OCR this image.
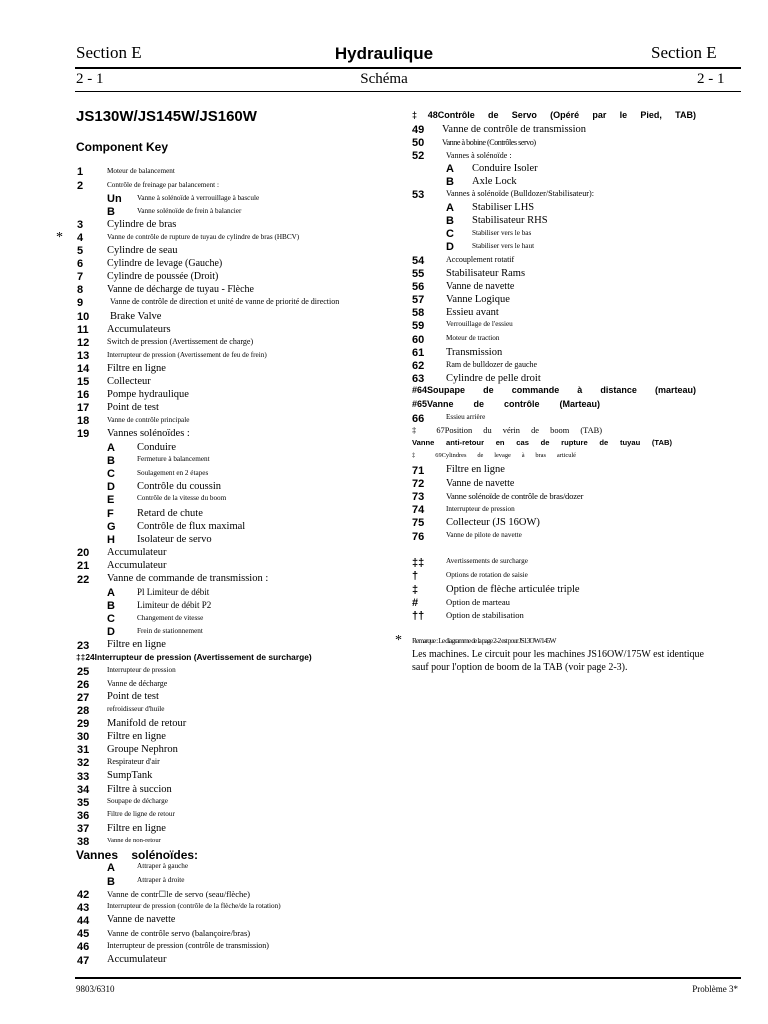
Section E	Hydraulique	Section E
2 - 1	Schéma	2 - 1
JS130W/JS145W/JS160W
Component Key
1	Moteur de balancement
2	Contrôle de freinage par balancement :
Un Vanne à solénoïde à verrouillage à bascule
B	Vanne solénoïde de frein à balancier
3 Cylindre de bras
* 4	Vanne de contrôle de rupture de tuyau de cylindre de bras (HBCV)
5 Cylindre de seau
6 Cylindre de levage (Gauche)
7 Cylindre de poussée (Droit)
8 Vanne de décharge de tuyau - Flèche
9	Vanne de contrôle de direction et unité de vanne de priorité de direction
10 Brake Valve
11 Accumulateurs
12 Switch de pression (Avertissement de charge)
13 Interrupteur de pression (Avertissement de feu de frein)
14 Filtre en ligne
15 Collecteur
16 Pompe hydraulique
17 Point de test
18 Vanne de contrôle principale
19 Vannes solénoïdes :
A Conduire
B	Fermeture à balancement
C	Soulagement en 2 étapes
D Contrôle du coussin
E	Contrôle de la vitesse du boom
F Retard de chute
G Contrôle de flux maximal
H Isolateur de servo
20 Accumulateur
21 Accumulateur
22 Vanne de commande de transmission :
A Pl Limiteur de débit
B Limiteur de débit P2
C	Changement de vitesse
D	Frein de stationnement
23 Filtre en ligne
‡‡24Interrupteur de pression (Avertissement de surcharge)
25 Interrupteur de pression
26 Vanne de décharge
27 Point de test
28 refroidisseur d'huile
29 Manifold de retour
30 Filtre en ligne
31 Groupe Nephron
32 Respirateur d'air
33 SumpTank
34 Filtre à succion
35 Soupape de décharge
36 Filtre de ligne de retour
37 Filtre en ligne
38	Vanne de non-retour
Vannes solénoïdes:
A	Attraper à gauche
B	Attraper à droite
42 Vanne de contr☐le de servo (seau/flèche)
43 Interrupteur de pression (contrôle de la flèche/de la rotation)
44 Vanne de navette
45 Vanne de contrôle servo (balançoire/bras)
46 Interrupteur de pression (contrôle de transmission)
47 Accumulateur
‡48Contrôle de Servo (Opéré par le Pied, TAB)
49 Vanne de contrôle de transmission
50 Vanne à bobine (Contrôles servo)
52	Vannes à solénoïde :
A Conduire Isoler
B Axle Lock
53	Vannes à solénoïde (Bulldozer/Stabilisateur):
A Stabiliser LHS
B Stabilisateur RHS
C	Stabiliser vers le bas
D	Stabiliser vers le haut
54	Accouplement rotatif
55 Stabilisateur Rams
56 Vanne de navette
57 Vanne Logique
58 Essieu avant
59	Verrouillage de l'essieu
60	Moteur de traction
61 Transmission
62	Ram de bulldozer de gauche
63 Cylindre de pelle droit
#64Soupape de commande à distance (marteau)
#65Vanne de contrôle (Marteau)
66	Essieu arrière
‡ 67Position du vérin de boom (TAB)
Vanne anti-retour en cas de rupture de tuyau (TAB)
‡ 69Cylindres de levage à bras articulé
71 Filtre en ligne
72 Vanne de navette
73	Vanne solénoïde de contrôle de bras/dozer
74	Interrupteur de pression
75 Collecteur (JS 16OW)
76	Vanne de pilote de navette
‡‡	Avertissements de surcharge
†	Options de rotation de saisie
‡	Option de flèche articulée triple
#	Option de marteau
††	Option de stabilisation
* Remarque : Le diagramme de la page 2-2 est pour JS13OW/145W
Les machines. Le circuit pour les machines JS16OW/175W est identique
sauf pour l'option de boom de la TAB (voir page 2-3).
9803/6310	Problème 3*
